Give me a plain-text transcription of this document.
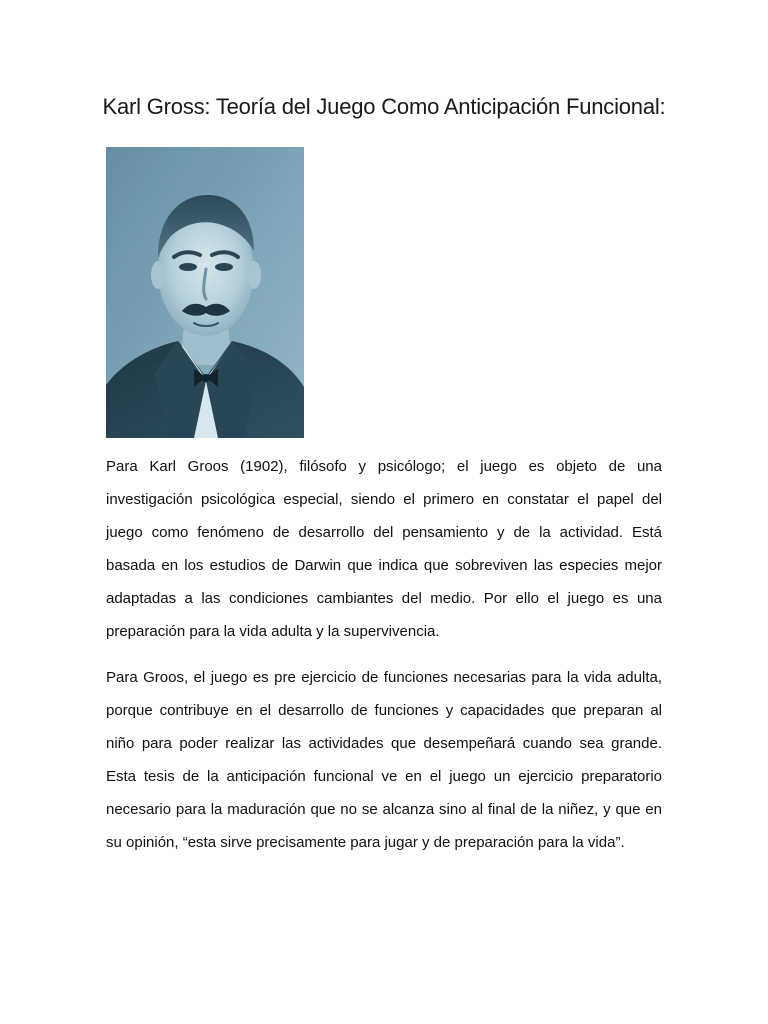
Karl Gross: Teoría del Juego Como Anticipación Funcional:

Para Karl Groos (1902), filósofo y psicólogo; el juego es objeto de una investigación psicológica especial, siendo el primero en constatar el papel del juego como fenómeno de desarrollo del pensamiento y de la actividad. Está basada en los estudios de Darwin que indica que sobreviven las especies mejor adaptadas a las condiciones cambiantes del medio. Por ello el juego es una preparación para la vida adulta y la supervivencia.

Para Groos, el juego es pre ejercicio de funciones necesarias para la vida adulta, porque contribuye en el desarrollo de funciones y capacidades que preparan al niño para poder realizar las actividades que desempeñará cuando sea grande. Esta tesis de la anticipación funcional ve en el juego un ejercicio preparatorio necesario para la maduración que no se alcanza sino al final de la niñez, y que en su opinión, “esta sirve precisamente para jugar y de preparación para la vida”.
